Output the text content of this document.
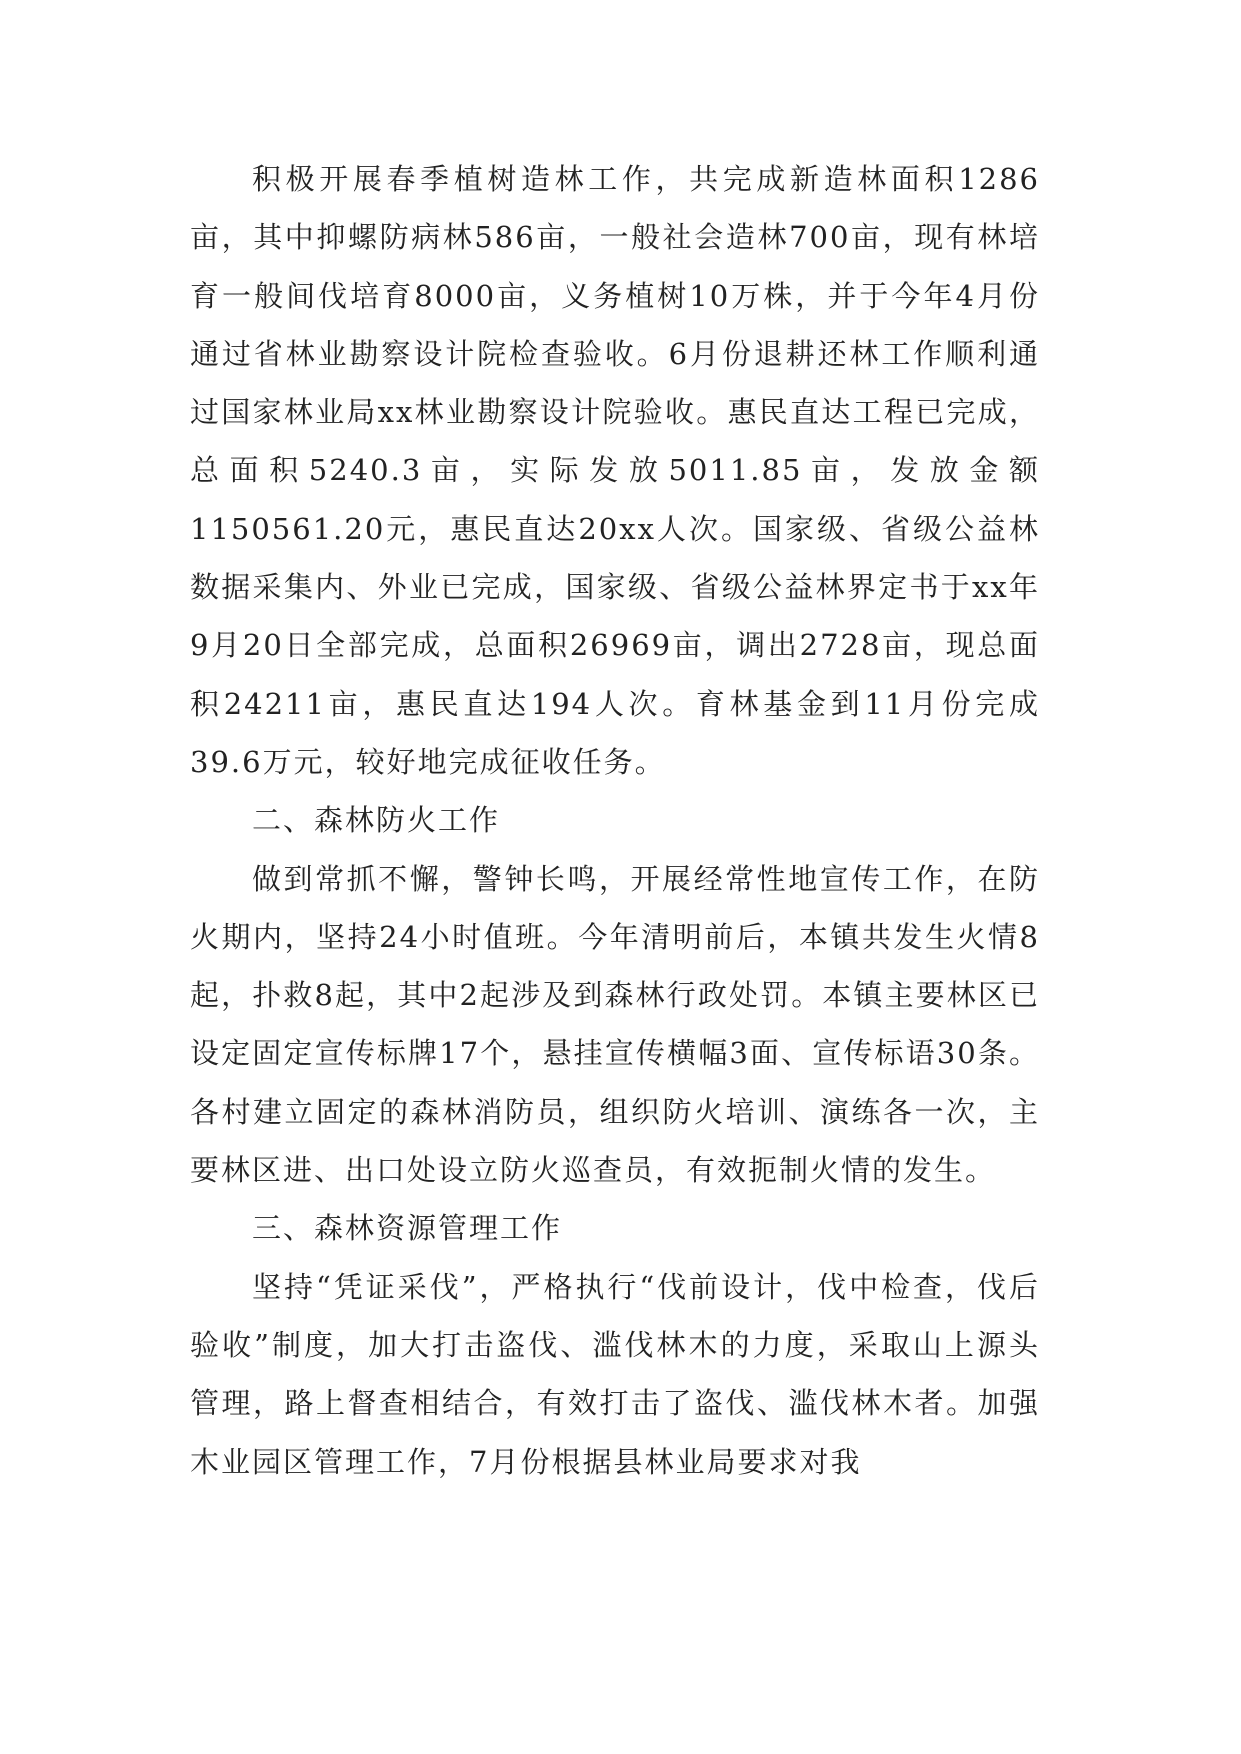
积极开展春季植树造林工作，共完成新造林面积1286亩，其中抑螺防病林586亩，一般社会造林700亩，现有林培育一般间伐培育8000亩，义务植树10万株，并于今年4月份通过省林业勘察设计院检查验收。6月份退耕还林工作顺利通过国家林业局xx林业勘察设计院验收。惠民直达工程已完成，总面积5240.3亩，实际发放5011.85亩，发放金额1150561.20元，惠民直达20xx人次。国家级、省级公益林数据采集内、外业已完成，国家级、省级公益林界定书于xx年9月20日全部完成，总面积26969亩，调出2728亩，现总面积24211亩，惠民直达194人次。育林基金到11月份完成39.6万元，较好地完成征收任务。

二、森林防火工作

做到常抓不懈，警钟长鸣，开展经常性地宣传工作，在防火期内，坚持24小时值班。今年清明前后，本镇共发生火情8起，扑救8起，其中2起涉及到森林行政处罚。本镇主要林区已设定固定宣传标牌17个，悬挂宣传横幅3面、宣传标语30条。各村建立固定的森林消防员，组织防火培训、演练各一次，主要林区进、出口处设立防火巡查员，有效扼制火情的发生。

三、森林资源管理工作

坚持“凭证采伐”，严格执行“伐前设计，伐中检查，伐后验收”制度，加大打击盗伐、滥伐林木的力度，采取山上源头管理，路上督查相结合，有效打击了盗伐、滥伐林木者。加强木业园区管理工作，7月份根据县林业局要求对我
